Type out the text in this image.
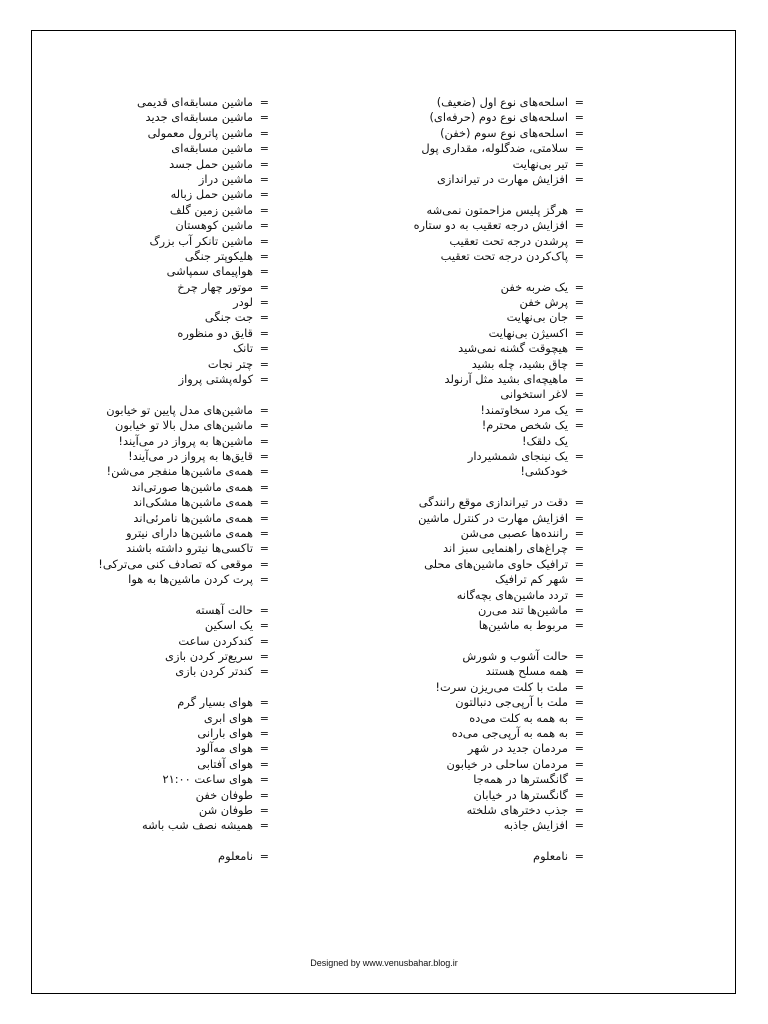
=
اسلحه‌های نوع اول (ضعیف)
=
اسلحه‌های نوع دوم (حرفه‌ای)
=
اسلحه‌های نوع سوم (خفن)
=
سلامتی، ضدگلوله، مقداری پول
=
تیر بی‌نهایت
=
افزایش مهارت در تیراندازی
=
هرگز پلیس مزاحمتون نمی‌شه
=
افزایش درجه تعقیب به دو ستاره
=
پرشدن درجه تحت تعقیب
=
پاک‌کردن درجه تحت تعقیب
=
یک ضربه خفن
=
پرش خفن
=
جان بی‌نهایت
=
اکسیژن بی‌نهایت
=
هیچوقت گشنه نمی‌شید
=
چاق بشید، چله بشید
=
ماهیچه‌ای بشید مثل آرنولد
=
لاغر استخوانی
=
یک مرد سخاوتمند!
=
یک شخص محترم!
یک دلقک!
=
یک نینجای شمشیردار
خودکشی!
=
دقت در تیراندازی موقع رانندگی
=
افزایش مهارت در کنترل ماشین
=
راننده‌ها عصبی می‌شن
=
چراغ‌های راهنمایی سبز اند
=
ترافیک حاوی ماشین‌های محلی
=
شهر کم ترافیک
=
تردد ماشین‌های بچه‌گانه
=
ماشین‌ها تند می‌رن
=
مربوط به ماشین‌ها
=
حالت آشوب و شورش
=
همه مسلح هستند
=
ملت با کلت می‌ریزن سرت!
=
ملت با آرپی‌جی دنبالتون
=
به همه به کلت می‌ده
=
به همه به آرپی‌جی می‌ده
=
مردمان جدید در شهر
=
مردمان ساحلی در خیابون
=
گانگسترها در همه‌جا
=
گانگسترها در خیابان
=
جذب دخترهای شلخته
=
افزایش جاذبه
=
نامعلوم
=
ماشین مسابقه‌ای قدیمی
=
ماشین مسابقه‌ای جدید
=
ماشین پاترول معمولی
=
ماشین مسابقه‌ای
=
ماشین حمل جسد
=
ماشین دراز
=
ماشین حمل زباله
=
ماشین زمین گلف
=
ماشین کوهستان
=
ماشین تانکر آب بزرگ
=
هلیکوپتر جنگی
=
هواپیمای سمپاشی
=
موتور چهار چرخ
=
لودر
=
جت جنگی
=
قایق دو منظوره
=
تانک
=
چتر نجات
=
کوله‌پشتی پرواز
=
ماشین‌های مدل پایین تو خیابون
=
ماشین‌های مدل بالا تو خیابون
=
ماشین‌ها به پرواز در می‌آیند!
=
قایق‌ها به پرواز در می‌آیند!
=
همه‌ی ماشین‌ها منفجر می‌شن!
=
همه‌ی ماشین‌ها صورتی‌اند
=
همه‌ی ماشین‌ها مشکی‌اند
=
همه‌ی ماشین‌ها نامرئی‌اند
=
همه‌ی ماشین‌ها دارای نیترو
=
تاکسی‌ها نیترو داشته باشند
=
موقعی که تصادف کنی می‌ترکی!
=
پرت کردن ماشین‌ها به هوا
=
حالت آهسته
=
یک اسکین
=
کندکردن ساعت
=
سریع‌تر کردن بازی
=
کندتر کردن بازی
=
هوای بسیار گرم
=
هوای ابری
=
هوای بارانی
=
هوای مه‌آلود
=
هوای آفتابی
=
هوای ساعت ۲۱:۰۰
=
طوفان خفن
=
طوفان شن
=
همیشه نصف شب باشه
=
نامعلوم
Designed by www.venusbahar.blog.ir
